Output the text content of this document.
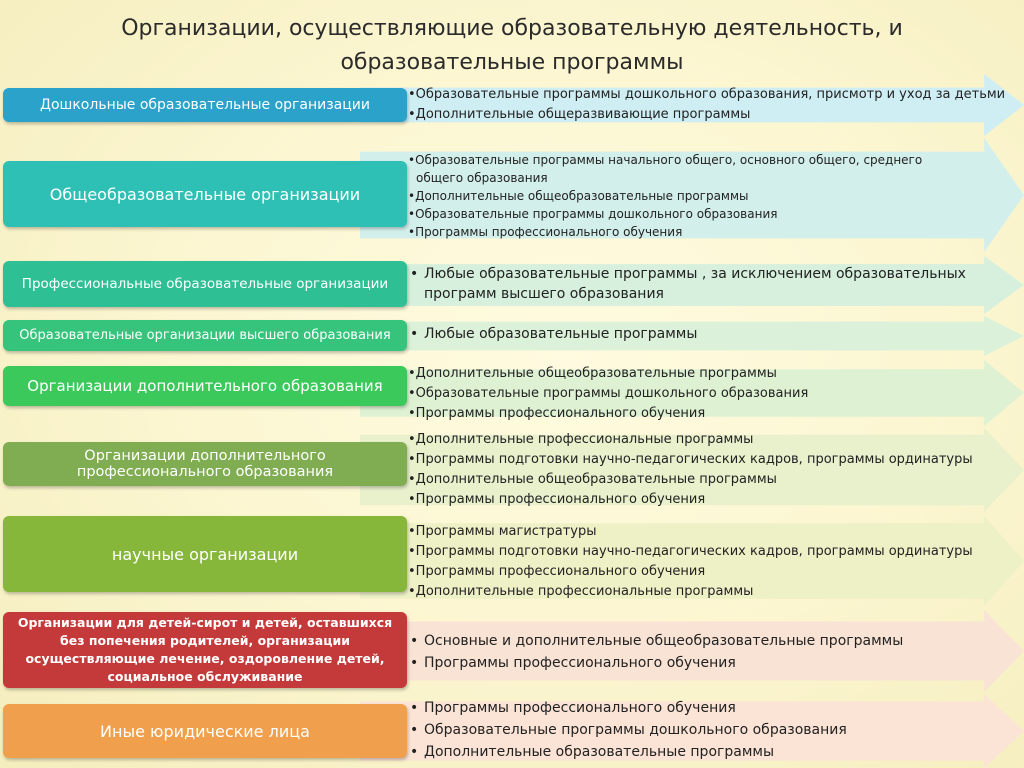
Организации, осуществляющие образовательную деятельность, и
образовательные программы
Дошкольные образовательные организации
• Образовательные программы дошкольного образования, присмотр и уход за детьми
• Дополнительные общеразвивающие программы
Общеобразовательные организации
• Образовательные программы начального общего, основного общего, среднего общего образования
• Дополнительные общеобразовательные программы
• Образовательные программы дошкольного образования
• Программы профессионального обучения
Профессиональные образовательные организации
• Любые образовательные программы , за исключением образовательных программ высшего образования
Образовательные организации высшего образования
•	Любые образовательные программы
Организации дополнительного образования
• Дополнительные общеобразовательные программы
• Образовательные программы дошкольного образования
• Программы профессионального обучения
Организации дополнительного профессионального образования
• Дополнительные профессиональные программы
• Программы подготовки научно-педагогических кадров, программы ординатуры
• Дополнительные общеобразовательные программы
• Программы профессионального обучения
научные организации
• Программы магистратуры
• Программы подготовки научно-педагогических кадров, программы ординатуры
• Программы профессионального обучения
• Дополнительные профессиональные программы
Организации для детей-сирот и детей, оставшихся без попечения родителей, организации осуществляющие лечение, оздоровление детей, социальное обслуживание
• Основные и дополнительные общеобразовательные программы
• Программы профессионального обучения
Иные юридические лица
• Программы профессионального обучения
• Образовательные программы дошкольного образования
• Дополнительные образовательные программы
